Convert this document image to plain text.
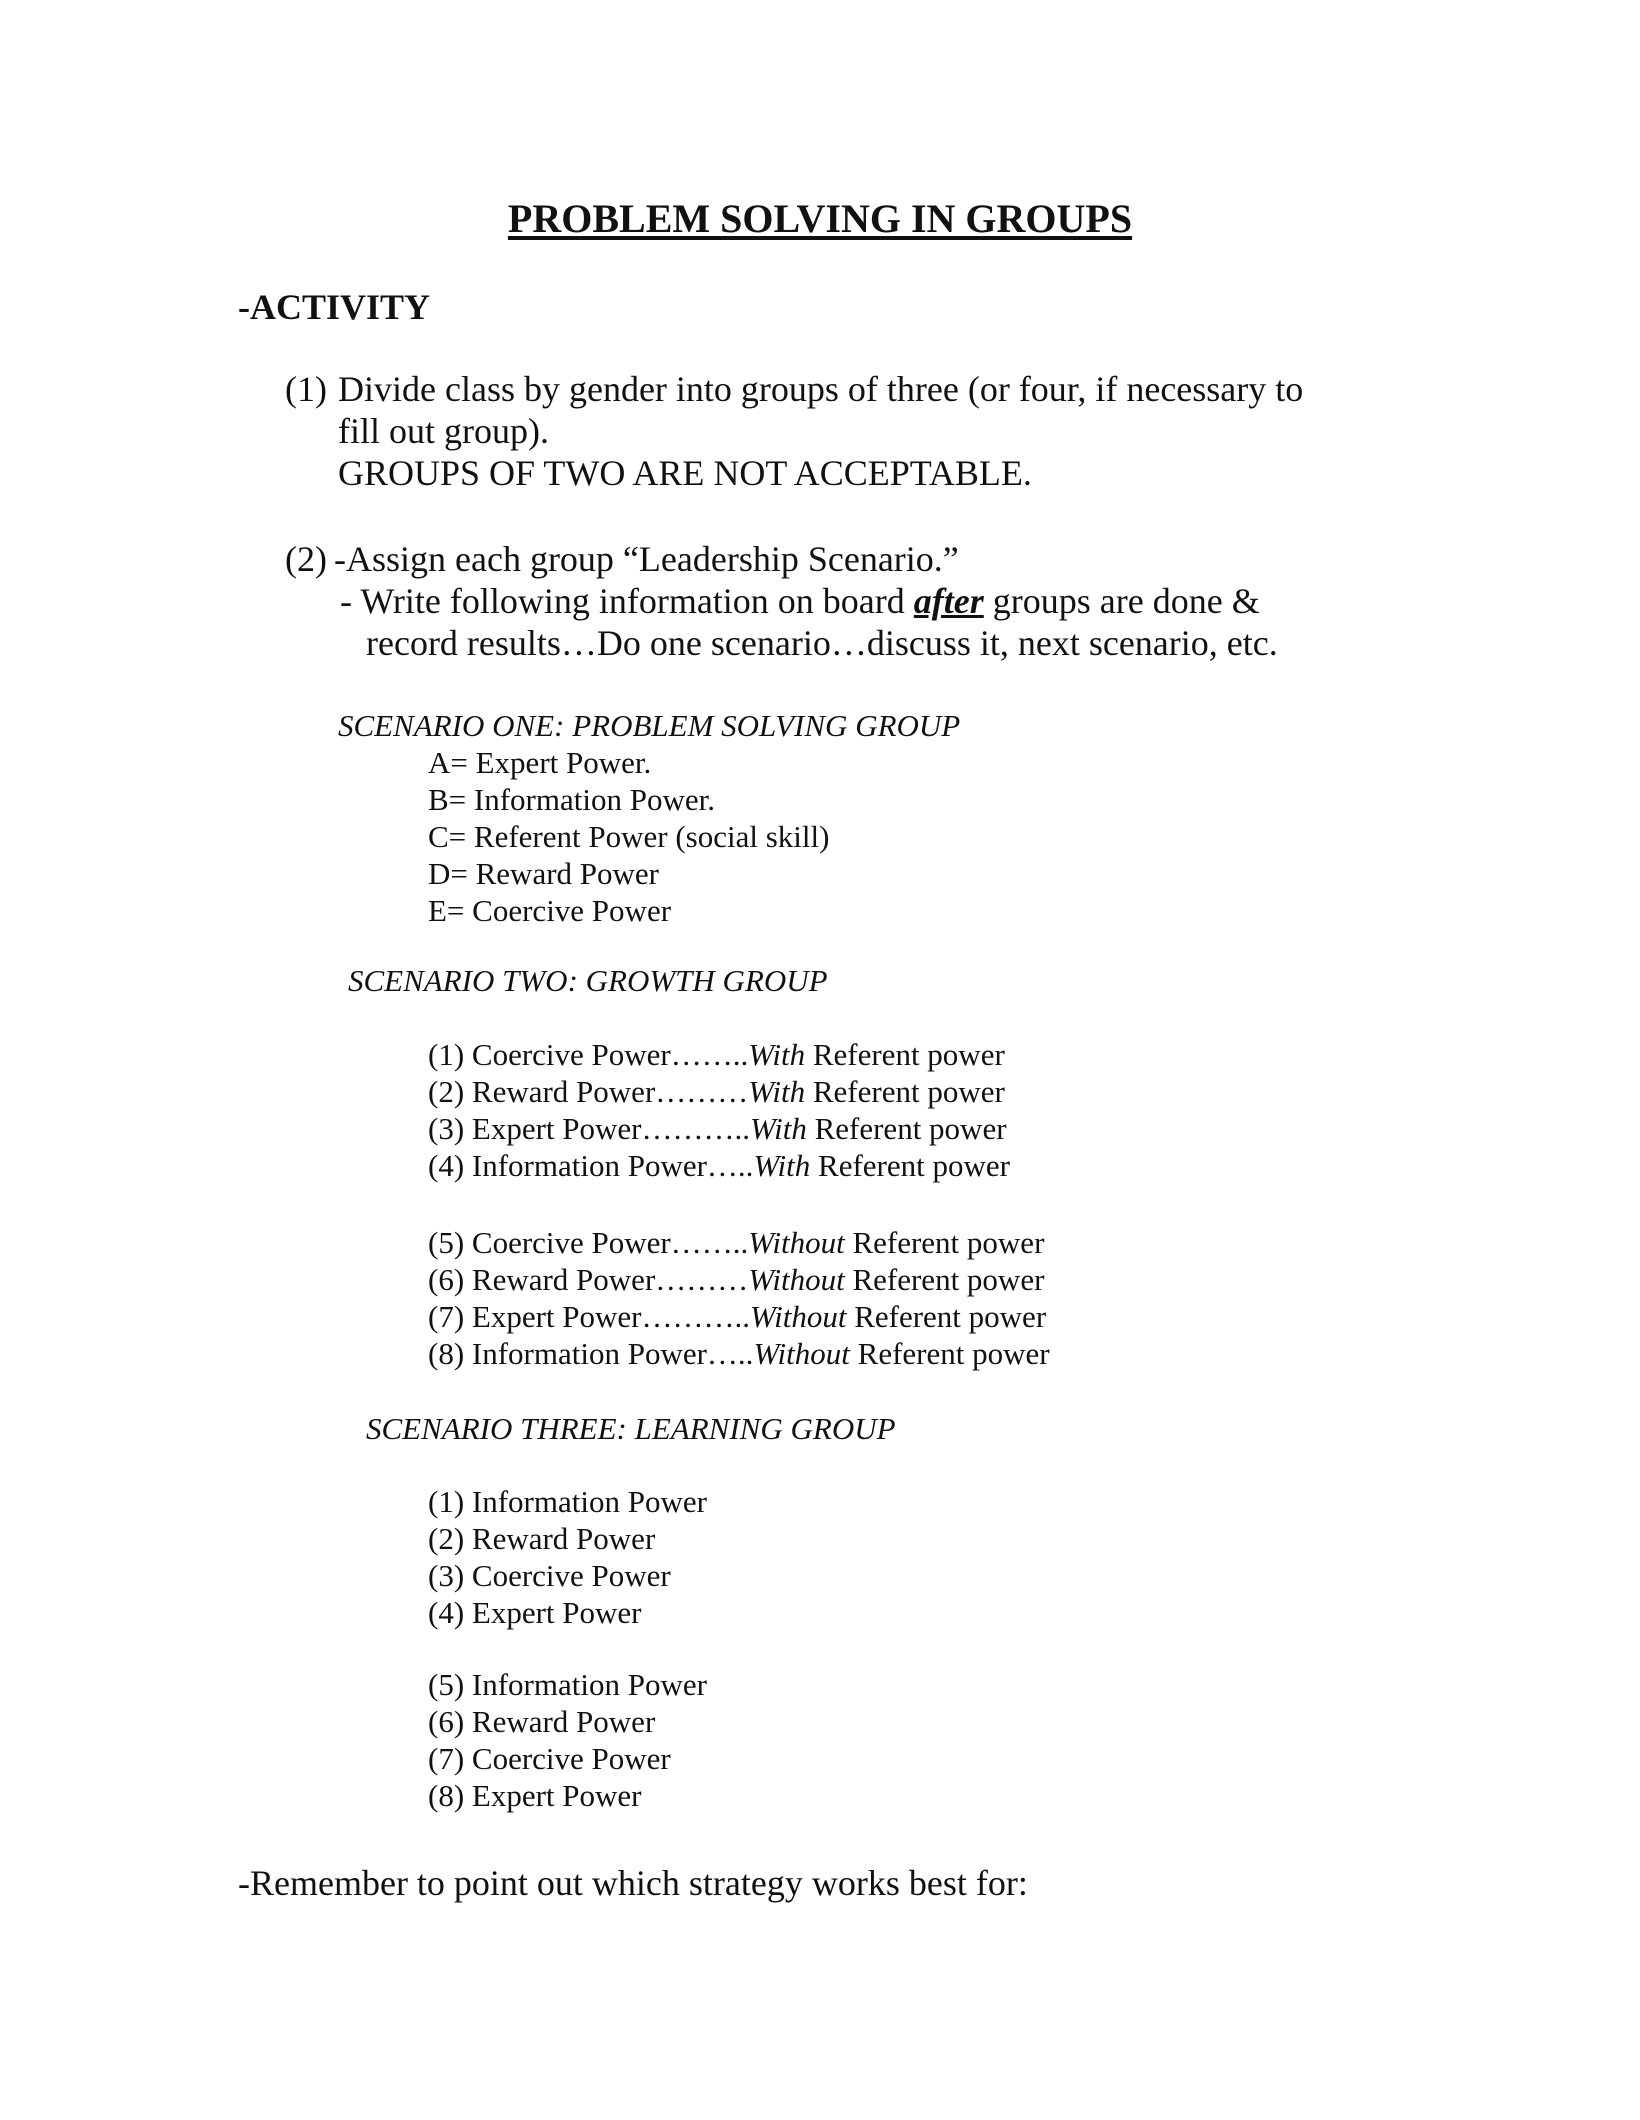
PROBLEM SOLVING IN GROUPS
-ACTIVITY
(1) Divide class by gender into groups of three (or four, if necessary to
fill out group).
GROUPS OF TWO ARE NOT ACCEPTABLE.
(2) -Assign each group “Leadership Scenario.”
- Write following information on board after groups are done &
record results…Do one scenario…discuss it, next scenario, etc.
SCENARIO ONE: PROBLEM SOLVING GROUP
A= Expert Power.
B= Information Power.
C= Referent Power (social skill)
D= Reward Power
E= Coercive Power
SCENARIO TWO: GROWTH GROUP
(1) Coercive Power……..With Referent power
(2) Reward Power………With Referent power
(3) Expert Power………..With Referent power
(4) Information Power…..With Referent power
(5) Coercive Power……..Without Referent power
(6) Reward Power………Without Referent power
(7) Expert Power………..Without Referent power
(8) Information Power…..Without Referent power
SCENARIO THREE: LEARNING GROUP
(1) Information Power
(2) Reward Power
(3) Coercive Power
(4) Expert Power
(5) Information Power
(6) Reward Power
(7) Coercive Power
(8) Expert Power
-Remember to point out which strategy works best for:
